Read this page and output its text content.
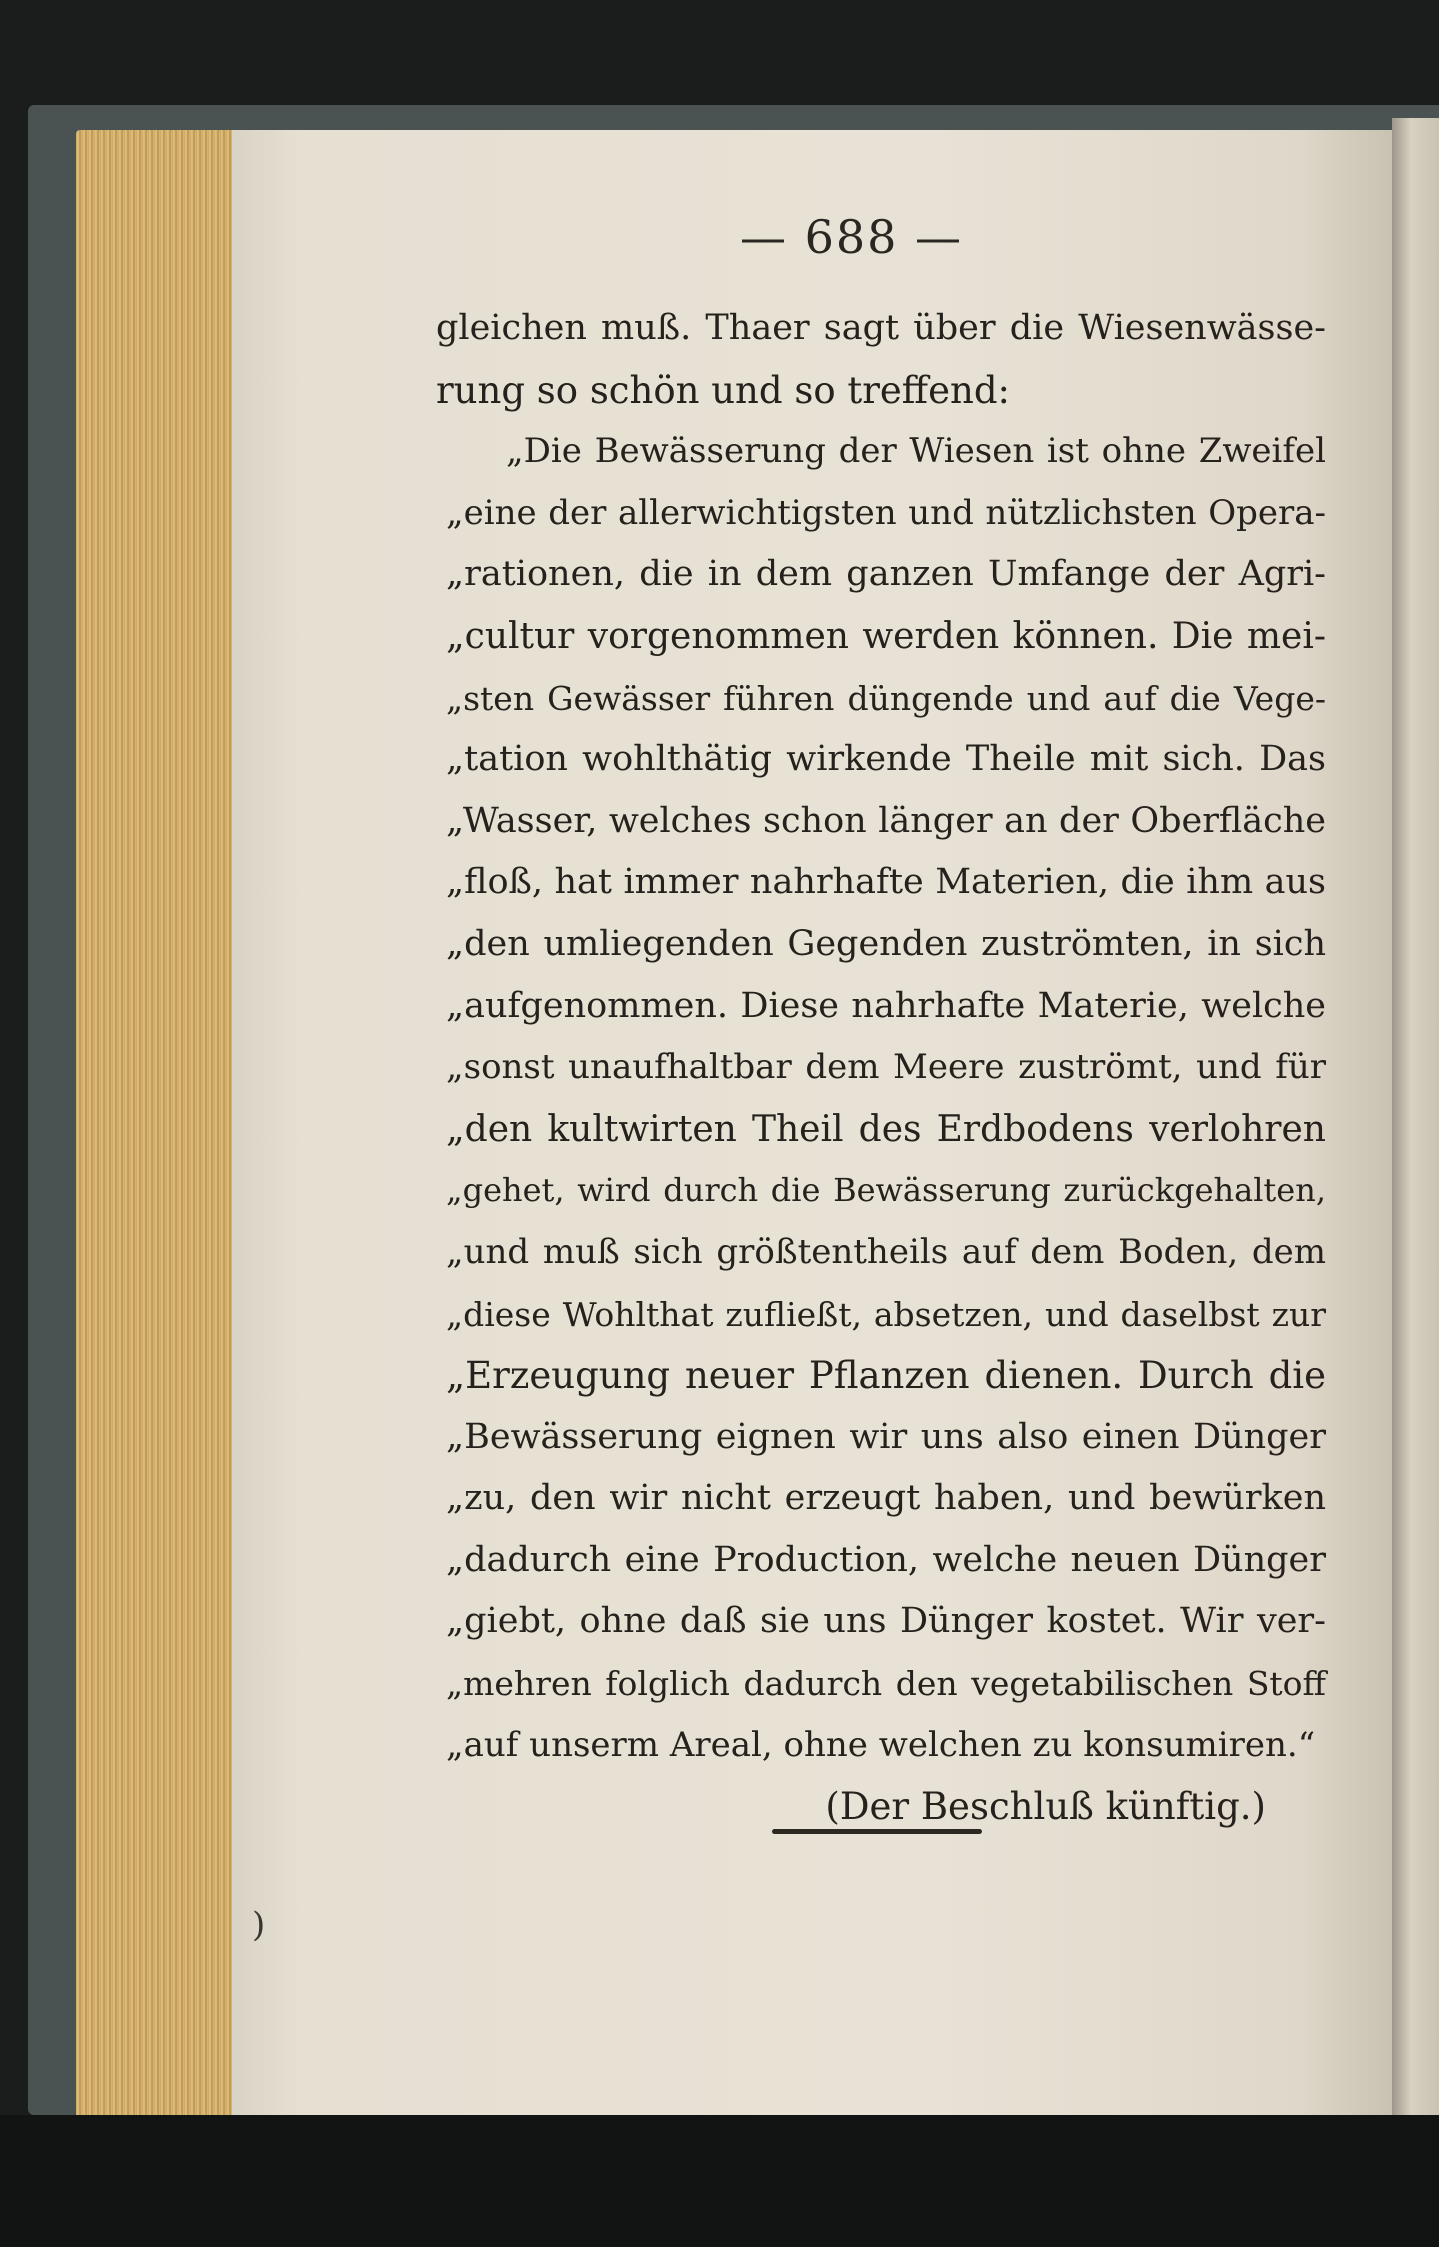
— 688 —
gleichen muß. Thaer sagt über die Wiesenwässe-
rung so schön und so treffend:
„Die Bewässerung der Wiesen ist ohne Zweifel
„eine der allerwichtigsten und nützlichsten Opera-
„rationen, die in dem ganzen Umfange der Agri-
„cultur vorgenommen werden können. Die mei-
„sten Gewässer führen düngende und auf die Vege-
„tation wohlthätig wirkende Theile mit sich. Das
„Wasser, welches schon länger an der Oberfläche
„floß, hat immer nahrhafte Materien, die ihm aus
„den umliegenden Gegenden zuströmten, in sich
„aufgenommen. Diese nahrhafte Materie, welche
„sonst unaufhaltbar dem Meere zuströmt, und für
„den kultwirten Theil des Erdbodens verlohren
„gehet, wird durch die Bewässerung zurückgehalten,
„und muß sich größtentheils auf dem Boden, dem
„diese Wohlthat zufließt, absetzen, und daselbst zur
„Erzeugung neuer Pflanzen dienen. Durch die
„Bewässerung eignen wir uns also einen Dünger
„zu, den wir nicht erzeugt haben, und bewürken
„dadurch eine Production, welche neuen Dünger
„giebt, ohne daß sie uns Dünger kostet. Wir ver-
„mehren folglich dadurch den vegetabilischen Stoff
„auf unserm Areal, ohne welchen zu konsumiren.“
(Der Beschluß künftig.)
)
